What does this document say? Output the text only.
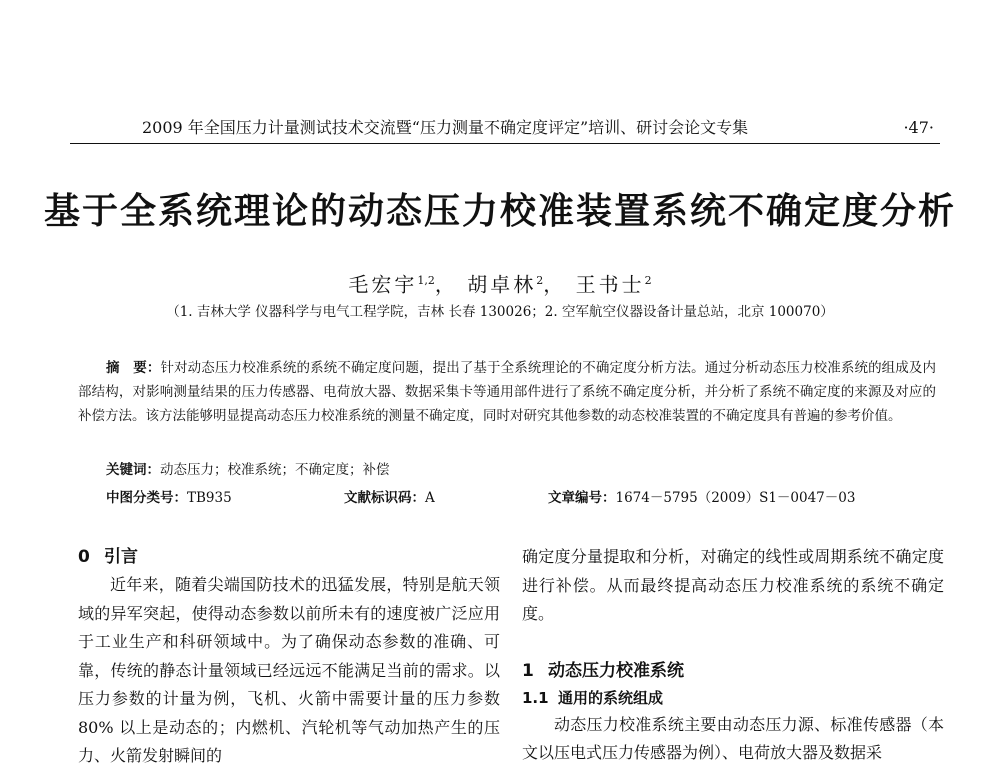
2009 年全国压力计量测试技术交流暨“压力测量不确定度评定”培训、研讨会论文专集	·47·
基于全系统理论的动态压力校准装置系统不确定度分析
毛宏宇$^{1,2}$， 胡卓林$^2$， 王书士$^2$
（1. 吉林大学 仪器科学与电气工程学院，吉林 长春 130026；2. 空军航空仪器设备计量总站，北京 100070）
摘　要：针对动态压力校准系统的系统不确定度问题，提出了基于全系统理论的不确定度分析方法。通过分析动态压力校准系统的组成及内部结构，对影响测量结果的压力传感器、电荷放大器、数据采集卡等通用部件进行了系统不确定度分析，并分析了系统不确定度的来源及对应的补偿方法。该方法能够明显提高动态压力校准系统的测量不确定度，同时对研究其他参数的动态校准装置的不确定度具有普遍的参考价值。
关键词：动态压力；校准系统；不确定度；补偿
中图分类号：TB935	文献标识码：A	文章编号：1674－5795（2009）S1－0047－03
0 引言

近年来，随着尖端国防技术的迅猛发展，特别是航天领域的异军突起，使得动态参数以前所未有的速度被广泛应用于工业生产和科研领域中。为了确保动态参数的准确、可靠，传统的静态计量领域已经远远不能满足当前的需求。以压力参数的计量为例，飞机、火箭中需要计量的压力参数 80% 以上是动态的；内燃机、汽轮机等气动加热产生的压力、火箭发射瞬间的

确定度分量提取和分析，对确定的线性或周期系统不确定度进行补偿。从而最终提高动态压力校准系统的系统不确定度。

1 动态压力校准系统
1.1 通用的系统组成

动态压力校准系统主要由动态压力源、标准传感器（本文以压电式压力传感器为例）、电荷放大器及数据采
